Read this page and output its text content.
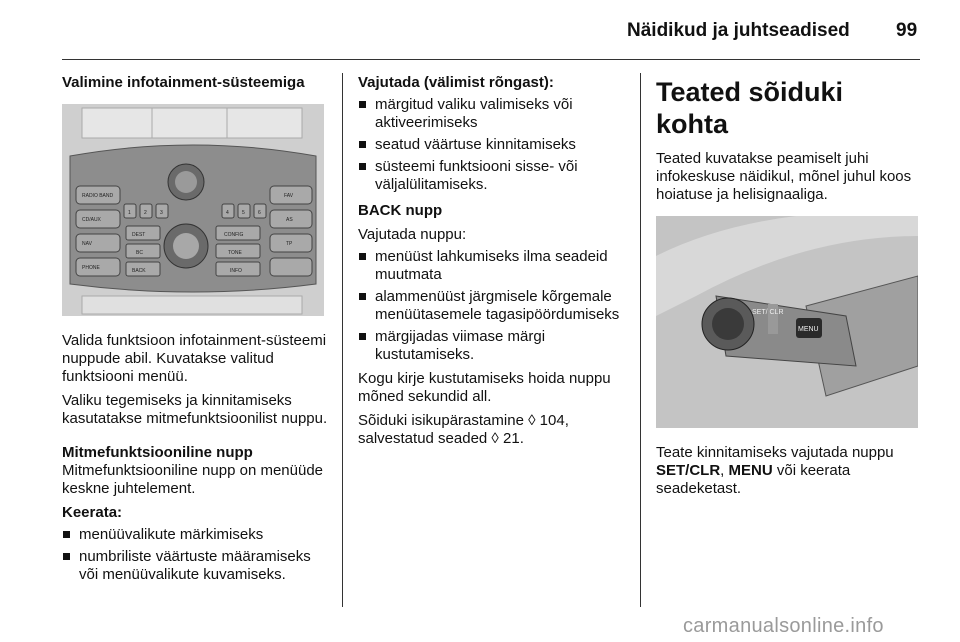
Näidikud ja juhtseadised 99

Valimine infotainment-süsteemiga

RADIO BAND
CD/AUX
NAV
PHONE
FAV
AS
TP
DEST
BACK
CONFIG
INFO
TONE
BC
1	2	3	4	5	6

Valida funktsioon infotainment-süsteemi nuppude abil. Kuvatakse valitud funktsiooni menüü.

Valiku tegemiseks ja kinnitamiseks kasutatakse mitmefunktsioonilist nuppu.

Mitmefunktsiooniline nupp

Mitmefunktsiooniline nupp on menüüde keskne juhtelement.

Keerata:

menüüvalikute märkimiseks
numbriliste väärtuste määramiseks või menüüvalikute kuvamiseks.

Vajutada (välimist rõngast):

märgitud valiku valimiseks või aktiveerimiseks
seatud väärtuse kinnitamiseks
süsteemi funktsiooni sisse- või väljalülitamiseks.

BACK nupp

Vajutada nuppu:

menüüst lahkumiseks ilma seadeid muutmata
alammenüüst järgmisele kõrgemale menüütasemele tagasipöördumiseks
märgijadas viimase märgi kustutamiseks.

Kogu kirje kustutamiseks hoida nuppu mõned sekundid all.

Sõiduki isikupärastamine ◊ 104, salvestatud seaded ◊ 21.

Teated sõiduki kohta

Teated kuvatakse peamiselt juhi infokeskuse näidikul, mõnel juhul koos hoiatuse ja helisignaaliga.

SET/ CLR
MENU

Teate kinnitamiseks vajutada nuppu SET/CLR, MENU või keerata seadeketast.

carmanualsonline.info
